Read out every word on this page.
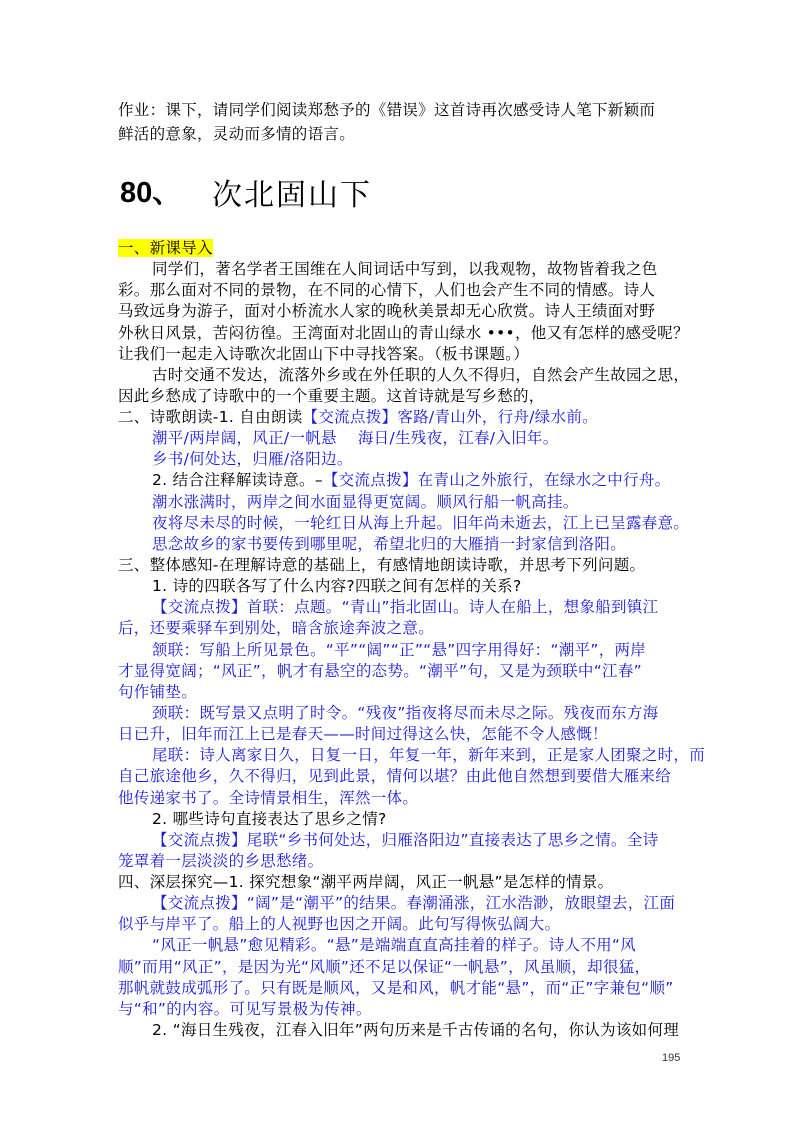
作业：课下，请同学们阅读郑愁予的《错误》这首诗再次感受诗人笔下新颖而
鲜活的意象，灵动而多情的语言。
80、 次北固山下
一、新课导入
同学们，著名学者王国维在人间词话中写到，以我观物，故物皆着我之色
彩。那么面对不同的景物，在不同的心情下，人们也会产生不同的情感。诗人
马致远身为游子，面对小桥流水人家的晚秋美景却无心欣赏。诗人王绩面对野
外秋日风景，苦闷彷徨。王湾面对北固山的青山绿水 •••，他又有怎样的感受呢？
让我们一起走入诗歌次北固山下中寻找答案。（板书课题。）
古时交通不发达，流落外乡或在外任职的人久不得归，自然会产生故园之思，
因此乡愁成了诗歌中的一个重要主题。这首诗就是写乡愁的，
二、诗歌朗读-1. 自由朗读【交流点拨】客路/青山外，行舟/绿水前。
潮平/两岸阔，风正/一帆悬　 海日/生残夜，江春/入旧年。
乡书/何处达，归雁/洛阳边。
2. 结合注释解读诗意。–【交流点拨】在青山之外旅行，在绿水之中行舟。
潮水涨满时，两岸之间水面显得更宽阔。顺风行船一帆高挂。
夜将尽未尽的时候，一轮红日从海上升起。旧年尚未逝去，江上已呈露春意。
思念故乡的家书要传到哪里呢，希望北归的大雁捎一封家信到洛阳。
三、整体感知-在理解诗意的基础上，有感情地朗读诗歌，并思考下列问题。
1. 诗的四联各写了什么内容?四联之间有怎样的关系?
【交流点拨】首联：点题。“青山”指北固山。诗人在船上，想象船到镇江
后，还要乘驿车到别处，暗含旅途奔波之意。
颔联：写船上所见景色。“平”“阔”“正”“悬”四字用得好：“潮平”，两岸
才显得宽阔；“风正”，帆才有悬空的态势。“潮平”句，又是为颈联中“江春”
句作铺垫。
颈联：既写景又点明了时令。“残夜”指夜将尽而未尽之际。残夜而东方海
日已升，旧年而江上已是春天——时间过得这么快，怎能不令人感慨！
尾联：诗人离家日久，日复一日，年复一年，新年来到，正是家人团聚之时，而
自己旅途他乡，久不得归，见到此景，情何以堪？由此他自然想到要借大雁来给
他传递家书了。全诗情景相生，浑然一体。
2. 哪些诗句直接表达了思乡之情?
【交流点拨】尾联“乡书何处达，归雁洛阳边”直接表达了思乡之情。全诗
笼罩着一层淡淡的乡思愁绪。
四、深层探究—1. 探究想象“潮平两岸阔，风正一帆悬”是怎样的情景。
【交流点拨】“阔”是“潮平”的结果。春潮涌涨，江水浩渺，放眼望去，江面
似乎与岸平了。船上的人视野也因之开阔。此句写得恢弘阔大。
“风正一帆悬”愈见精彩。“悬”是端端直直高挂着的样子。诗人不用“风
顺”而用“风正”，是因为光“风顺”还不足以保证“一帆悬”，风虽顺，却很猛，
那帆就鼓成弧形了。只有既是顺风，又是和风，帆才能“悬”，而“正”字兼包“顺”
与“和”的内容。可见写景极为传神。
195
2. “海日生残夜，江春入旧年”两句历来是千古传诵的名句，你认为该如何理
